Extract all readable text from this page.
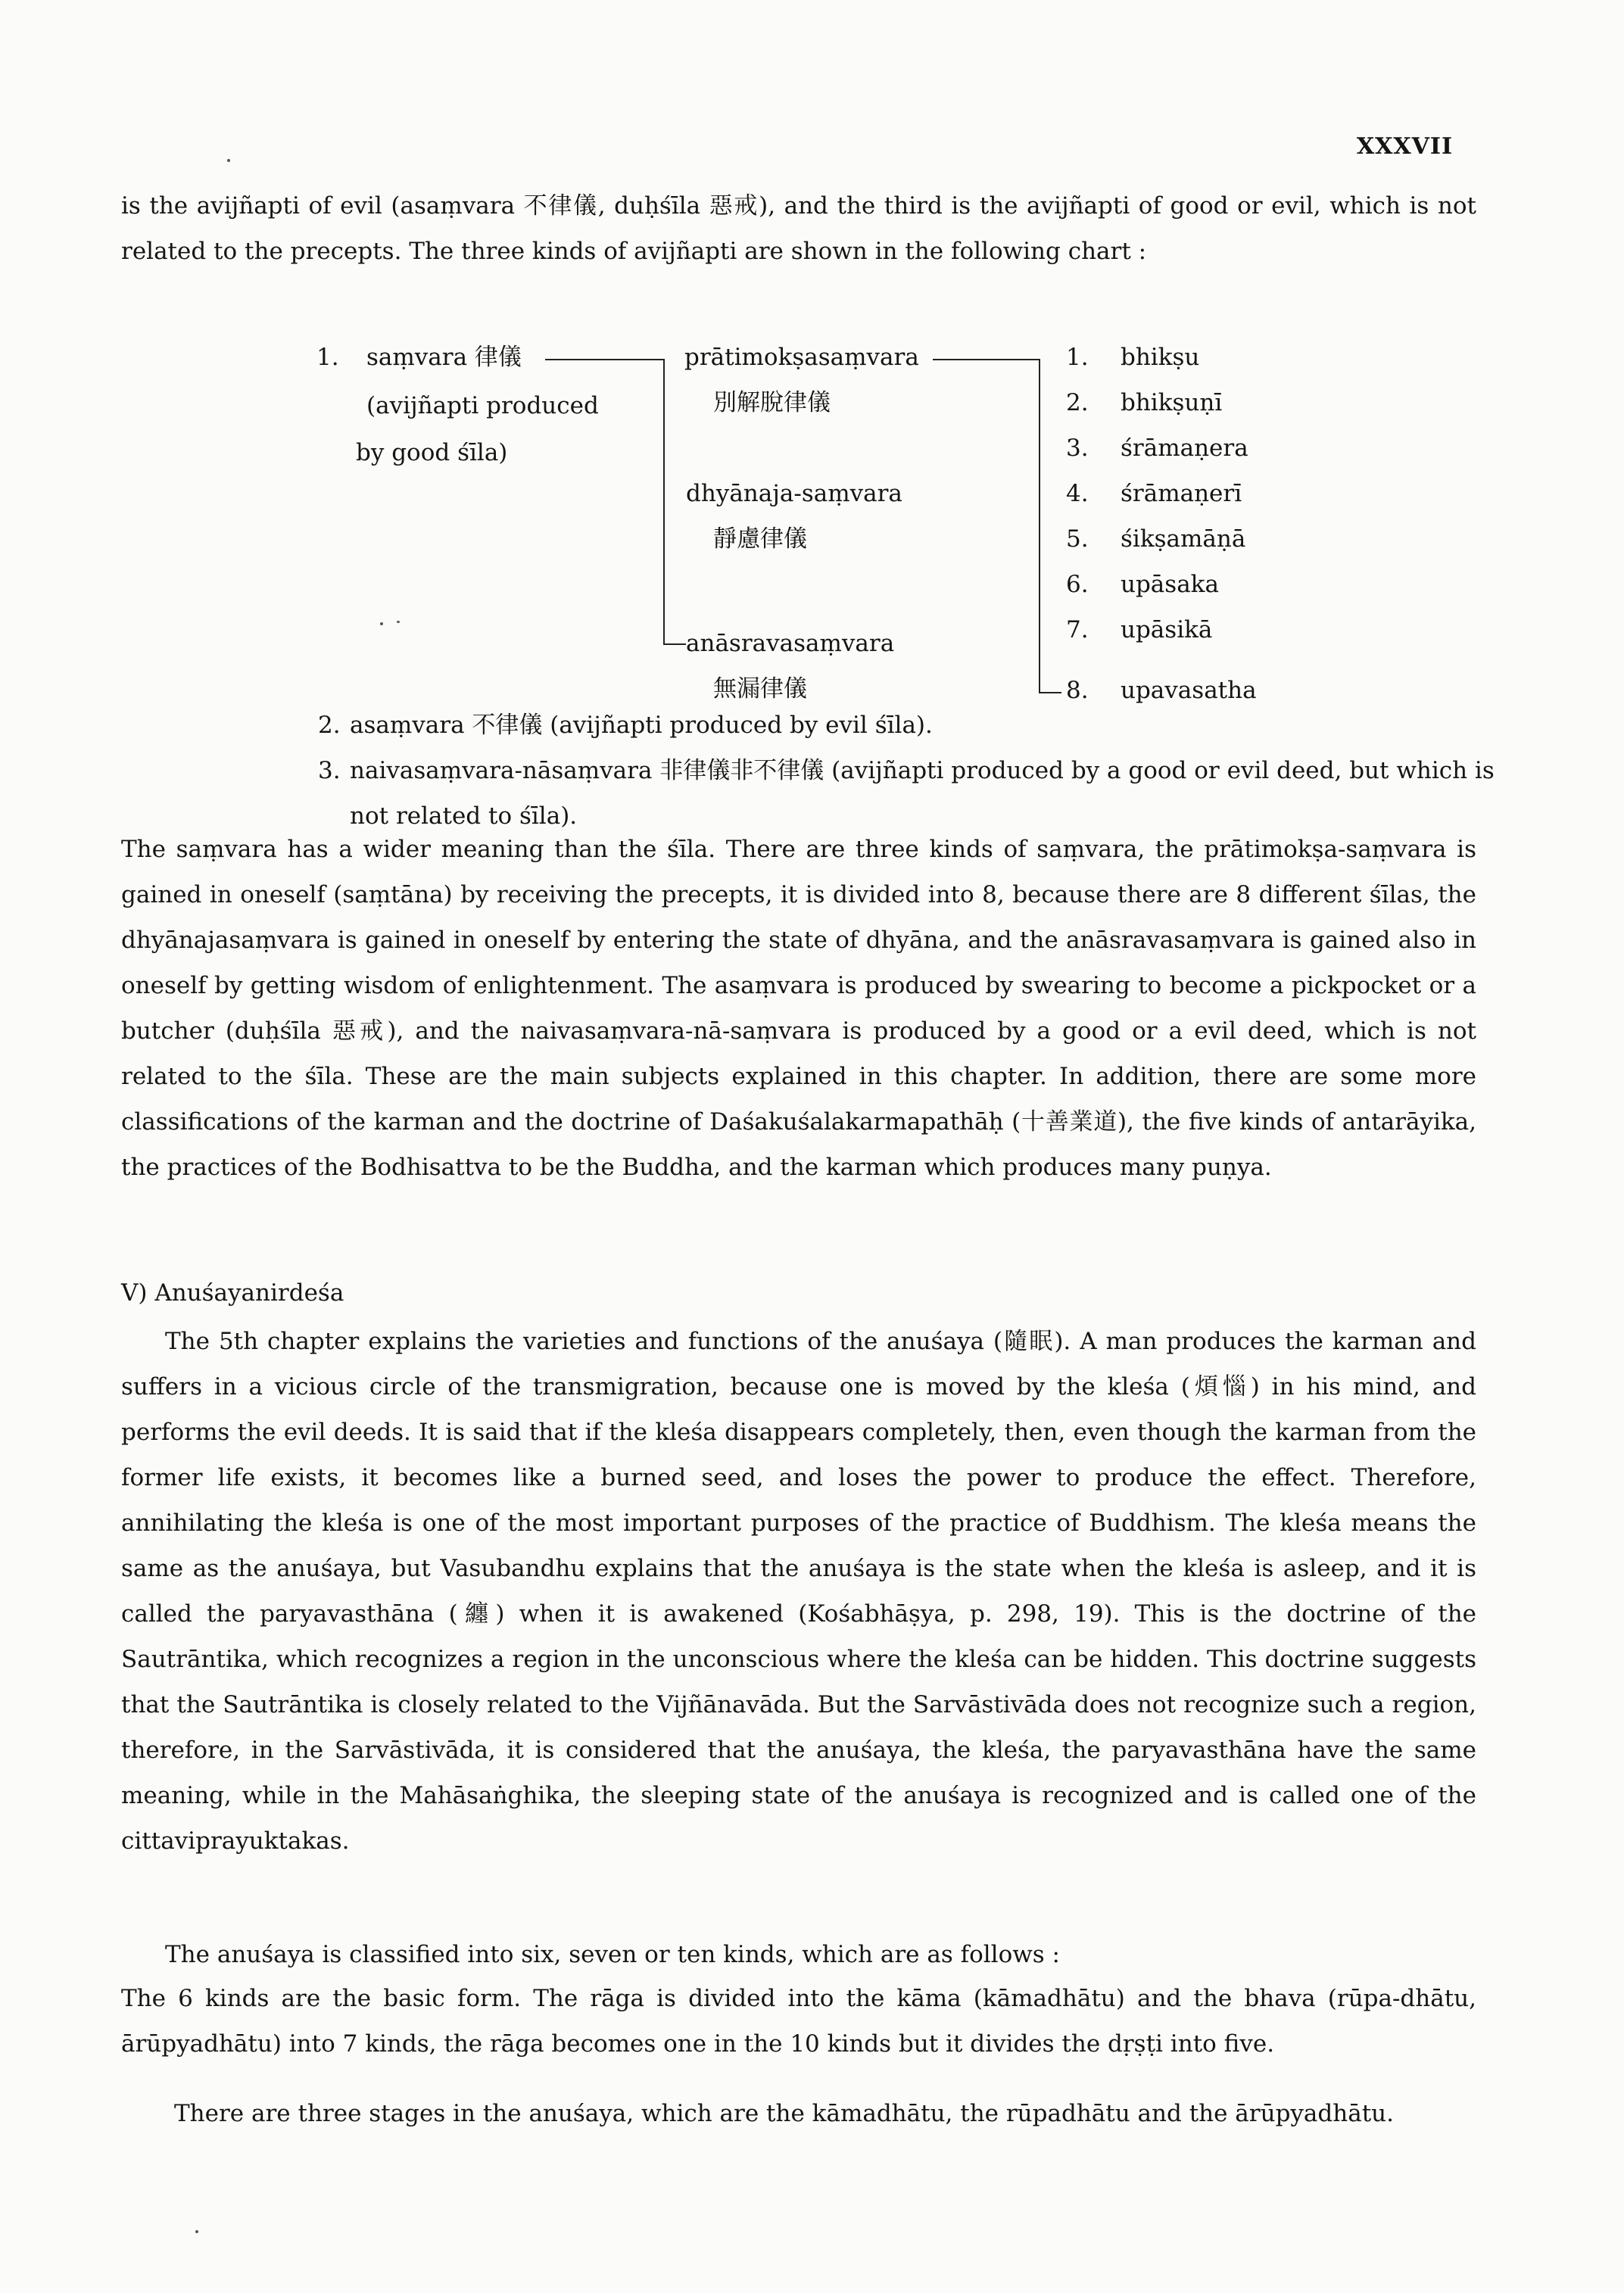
XXXVII
is the avijñapti of evil (asaṃvara 不律儀, duḥśīla 惡戒), and the third is the avijñapti of good or evil, which is not related to the precepts. The three kinds of avijñapti are shown in the following chart :
1. saṃvara 律儀
(avijñapti produced
by good śīla)
prātimokṣasaṃvara
別解脫律儀
dhyānaja-saṃvara
靜慮律儀
anāsravasaṃvara
無漏律儀
1. bhikṣu
2. bhikṣuṇī
3. śrāmaṇera
4. śrāmaṇerī
5. śikṣamāṇā
6. upāsaka
7. upāsikā
8. upavasatha
2. asaṃvara 不律儀 (avijñapti produced by evil śīla).
3. naivasaṃvara-nāsaṃvara 非律儀非不律儀 (avijñapti produced by a good or evil deed, but which is not related to śīla).
The saṃvara has a wider meaning than the śīla. There are three kinds of saṃvara, the prātimokṣa-saṃvara is gained in oneself (saṃtāna) by receiving the precepts, it is divided into 8, because there are 8 different śīlas, the dhyānajasaṃvara is gained in oneself by entering the state of dhyāna, and the anāsravasaṃvara is gained also in oneself by getting wisdom of enlightenment. The asaṃvara is produced by swearing to become a pickpocket or a butcher (duḥśīla 惡戒), and the naivasaṃvara-nā-saṃvara is produced by a good or a evil deed, which is not related to the śīla. These are the main subjects explained in this chapter. In addition, there are some more classifications of the karman and the doctrine of Daśakuśalakarmapathāḥ (十善業道), the five kinds of antarāyika, the practices of the Bodhisattva to be the Buddha, and the karman which produces many puṇya.
V) Anuśayanirdeśa
The 5th chapter explains the varieties and functions of the anuśaya (隨眠). A man produces the karman and suffers in a vicious circle of the transmigration, because one is moved by the kleśa (煩惱) in his mind, and performs the evil deeds. It is said that if the kleśa disappears completely, then, even though the karman from the former life exists, it becomes like a burned seed, and loses the power to produce the effect. Therefore, annihilating the kleśa is one of the most important purposes of the practice of Buddhism. The kleśa means the same as the anuśaya, but Vasubandhu explains that the anuśaya is the state when the kleśa is asleep, and it is called the paryavasthāna (纏) when it is awakened (Kośabhāṣya, p. 298, 19). This is the doctrine of the Sautrāntika, which recognizes a region in the unconscious where the kleśa can be hidden. This doctrine suggests that the Sautrāntika is closely related to the Vijñānavāda. But the Sarvāstivāda does not recognize such a region, therefore, in the Sarvāstivāda, it is considered that the anuśaya, the kleśa, the paryavasthāna have the same meaning, while in the Mahāsaṅghika, the sleeping state of the anuśaya is recognized and is called one of the cittaviprayuktakas.
The anuśaya is classified into six, seven or ten kinds, which are as follows :
The 6 kinds are the basic form. The rāga is divided into the kāma (kāmadhātu) and the bhava (rūpa-dhātu, ārūpyadhātu) into 7 kinds, the rāga becomes one in the 10 kinds but it divides the dṛṣṭi into five.
There are three stages in the anuśaya, which are the kāmadhātu, the rūpadhātu and the ārūpyadhātu.
